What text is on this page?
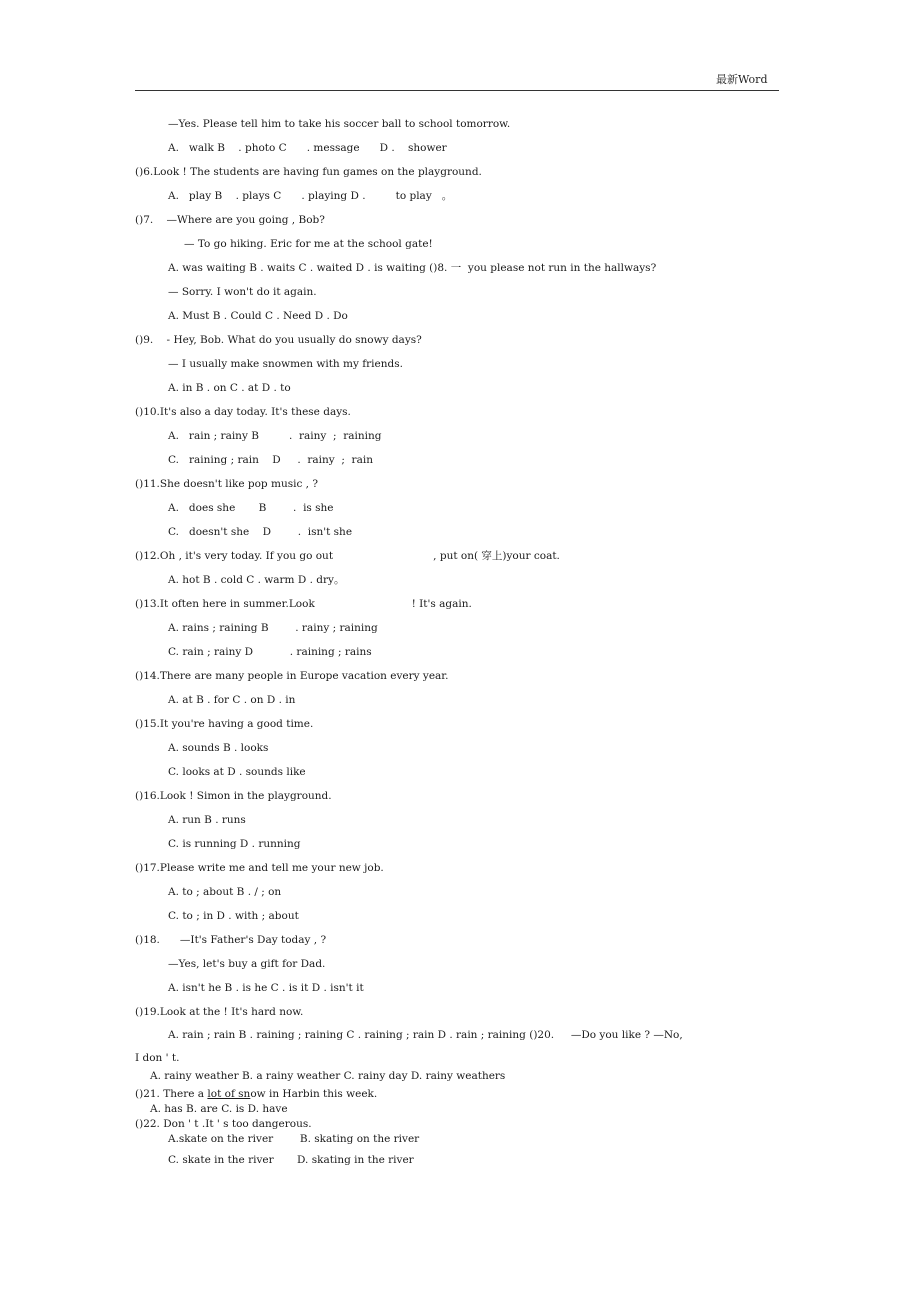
最新Word
—Yes. Please tell him to take his soccer ball to school tomorrow.
A.   walk B    . photo C      . message      D .    shower
()6.Look ! The students are having fun games on the playground.
A.   play B    . plays C      . playing D .         to play   。
()7.    —Where are you going , Bob?
— To go hiking. Eric for me at the school gate!
A. was waiting B . waits C . waited D . is waiting ()8. 一  you please not run in the hallways?
— Sorry. I won't do it again.
A. Must B . Could C . Need D . Do
()9.    - Hey, Bob. What do you usually do snowy days?
— I usually make snowmen with my friends.
A. in B . on C . at D . to
()10.It's also a day today. It's these days.
A.   rain ; rainy B         .  rainy  ;  raining
C.   raining ; rain    D     .  rainy  ;  rain
()11.She doesn't like pop music , ?
A.   does she       B        .  is she
C.   doesn't she    D        .  isn't she
()12.Oh , it's very today. If you go out                              , put on( 穿上)your coat.
A. hot B . cold C . warm D . dry。
()13.It often here in summer.Look                             ! It's again.
A. rains ; raining B        . rainy ; raining
C. rain ; rainy D           . raining ; rains
()14.There are many people in Europe vacation every year.
A. at B . for C . on D . in
()15.It you're having a good time.
A. sounds B . looks
C. looks at D . sounds like
()16.Look ! Simon in the playground.
A. run B . runs
C. is running D . running
()17.Please write me and tell me your new job.
A. to ; about B . / ; on
C. to ; in D . with ; about
()18.      —It's Father's Day today , ?
—Yes, let's buy a gift for Dad.
A. isn't he B . is he C . is it D . isn't it
()19.Look at the ! It's hard now.
A. rain ; rain B . raining ; raining C . raining ; rain D . rain ; raining ()20.     —Do you like ? —No,
I don ' t.
A. rainy weather B. a rainy weather C. rainy day D. rainy weathers
()21. There a lot of snow in Harbin this week.
A. has B. are C. is D. have
()22. Don ' t .It ' s too dangerous.
A.skate on the river        B. skating on the river
C. skate in the river       D. skating in the river
